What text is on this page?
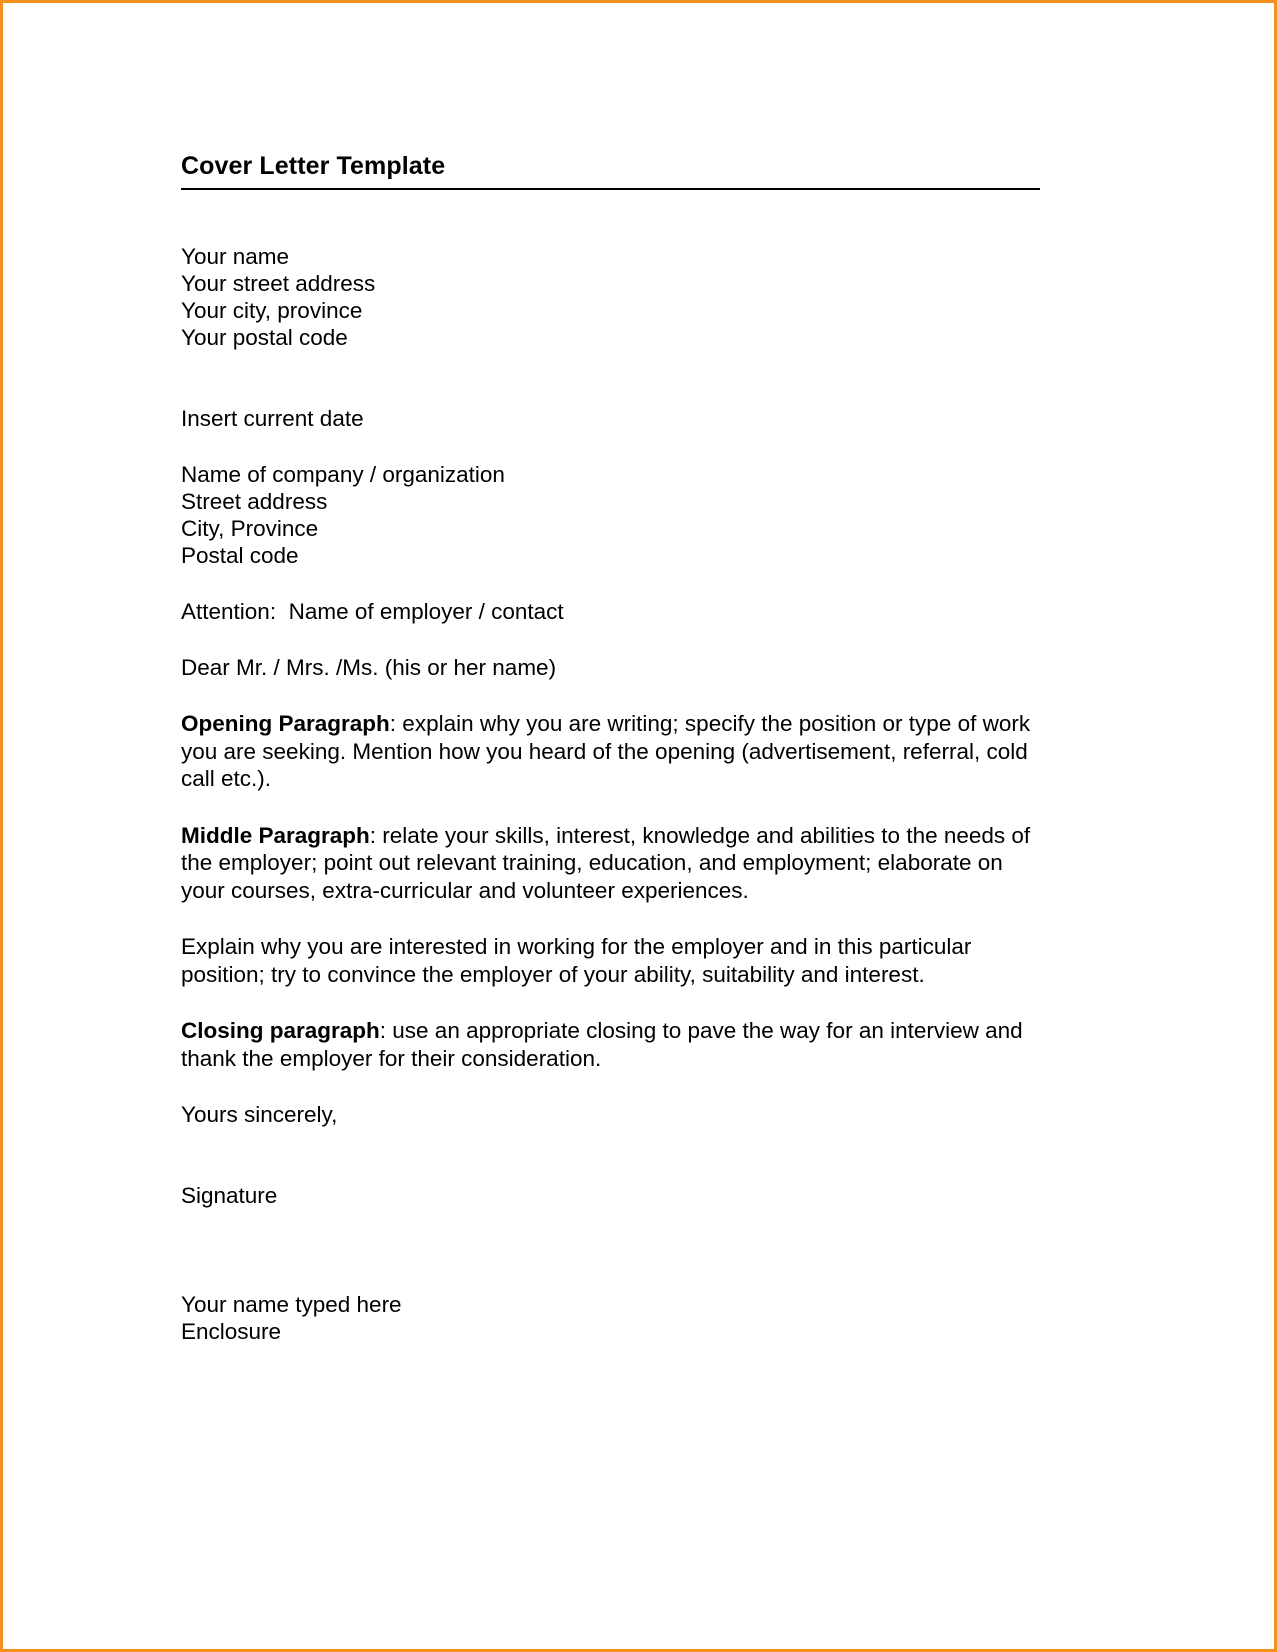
Cover Letter Template
Your name
Your street address
Your city, province
Your postal code
Insert current date
Name of company / organization
Street address
City, Province
Postal code
Attention:  Name of employer / contact
Dear Mr. / Mrs. /Ms. (his or her name)
Opening Paragraph: explain why you are writing; specify the position or type of work you are seeking. Mention how you heard of the opening (advertisement, referral, cold call etc.).
Middle Paragraph: relate your skills, interest, knowledge and abilities to the needs of the employer; point out relevant training, education, and employment; elaborate on your courses, extra-curricular and volunteer experiences.
Explain why you are interested in working for the employer and in this particular position; try to convince the employer of your ability, suitability and interest.
Closing paragraph: use an appropriate closing to pave the way for an interview and thank the employer for their consideration.
Yours sincerely,
Signature
Your name typed here
Enclosure
